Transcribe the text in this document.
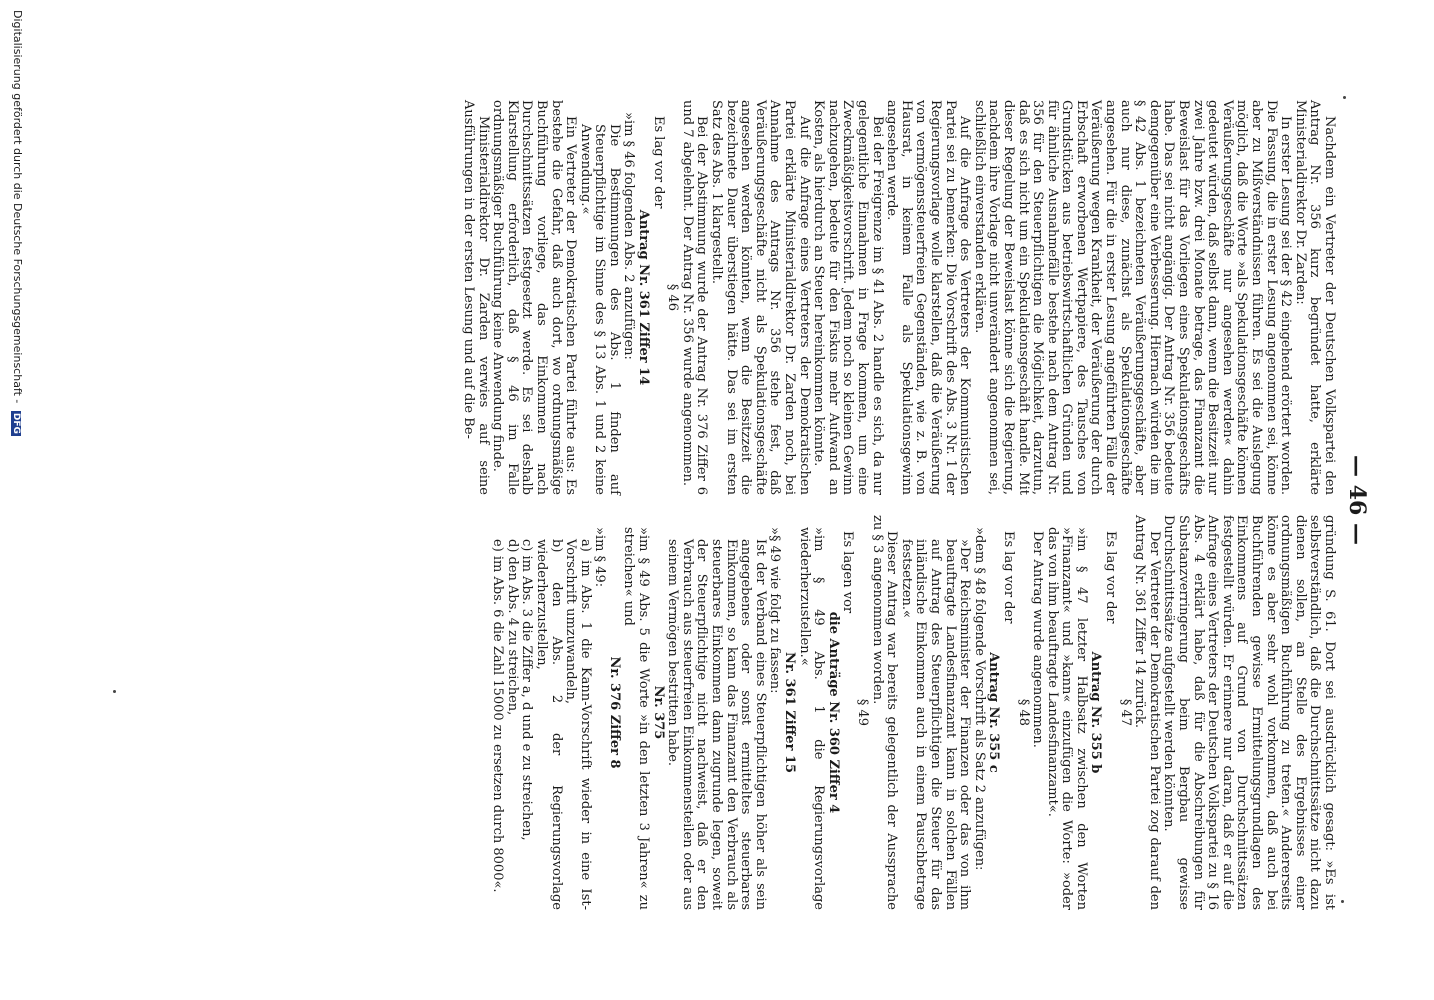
— 46 —

Nachdem ein Vertreter der Deutschen Volkspartei den Antrag Nr. 356 kurz begründet hatte, erklärte Ministerialdirektor Dr. Zarden:

In erster Lesung sei der § 42 eingehend erörtert worden. Die Fassung, die in erster Lesung angenommen sei, könne aber zu Mißverständnissen führen. Es sei die Auslegung möglich, daß die Worte »als Spekulationsgeschäfte können Veräußerungsgeschäfte nur angesehen werden« dahin gedeutet würden, daß selbst dann, wenn die Besitzzeit nur zwei Jahre bzw. drei Monate betrage, das Finanzamt die Beweislast für das Vorliegen eines Spekulationsgeschäfts habe. Das sei nicht angängig. Der Antrag Nr. 356 bedeute demgegenüber eine Verbesserung. Hiernach würden die im § 42 Abs. 1 bezeichneten Veräußerungsgeschäfte, aber auch nur diese, zunächst als Spekulationsgeschäfte angesehen. Für die in erster Lesung angeführten Fälle der Veräußerung wegen Krankheit, der Veräußerung der durch Erbschaft erworbenen Wertpapiere, des Tausches von Grundstücken aus betriebswirtschaftlichen Gründen und für ähnliche Ausnahmefälle bestehe nach dem Antrag Nr. 356 für den Steuerpflichtigen die Möglichkeit, darzutun, daß es sich nicht um ein Spekulationsgeschäft handle. Mit dieser Regelung der Beweislast könne sich die Regierung, nachdem ihre Vorlage nicht unverändert angenommen sei, schließlich einverstanden erklären.

Auf die Anfrage des Vertreters der Kommunistischen Partei sei zu bemerken: Die Vorschrift des Abs. 3 Nr. 1 der Regierungsvorlage wolle klarstellen, daß die Veräußerung von vermögenssteuerfreien Gegenständen, wie z. B. von Hausrat, in keinem Falle als Spekulationsgewinn angesehen werde.

Bei der Freigrenze im § 41 Abs. 2 handle es sich, da nur gelegentliche Einnahmen in Frage kommen, um eine Zweckmäßigkeitsvorschrift. Jedem noch so kleinen Gewinn nachzugehen, bedeute für den Fiskus mehr Aufwand an Kosten, als hierdurch an Steuer hereinkommen könnte.

Auf die Anfrage eines Vertreters der Demokratischen Partei erklärte Ministerialdirektor Dr. Zarden noch, bei Annahme des Antrags Nr. 356 stehe fest, daß Veräußerungsgeschäfte nicht als Spekulationsgeschäfte angesehen werden könnten, wenn die Besitzzeit die bezeichnete Dauer überstiegen hätte. Das sei im ersten Satz des Abs. 1 klargestellt.

Bei der Abstimmung wurde der Antrag Nr. 376 Ziffer 6 und 7 abgelehnt. Der Antrag Nr. 356 wurde angenommen.

§ 46

Es lag vor der

Antrag Nr. 361 Ziffer 14

»im § 46 folgenden Abs. 2 anzufügen:

Die Bestimmungen des Abs. 1 finden auf Steuerpflichtige im Sinne des § 13 Abs. 1 und 2 keine Anwendung.«

Ein Vertreter der Demokratischen Partei führte aus: Es bestehe die Gefahr, daß auch dort, wo ordnungsmäßige Buchführung vorliege, das Einkommen nach Durchschnittssätzen festgesetzt werde. Es sei deshalb Klarstellung erforderlich, daß § 46 im Falle ordnungsmäßiger Buchführung keine Anwendung finde.

Ministerialdirektor Dr. Zarden verwies auf seine Ausführungen in der ersten Lesung und auf die Be-

gründung S. 61. Dort sei ausdrücklich gesagt: »Es ist selbstverständlich, daß die Durchschnittssätze nicht dazu dienen sollen, an Stelle des Ergebnisses einer ordnungsmäßigen Buchführung zu treten.« Andererseits könne es aber sehr wohl vorkommen, daß auch bei Buchführenden gewisse Ermittelungsgrundlagen des Einkommens auf Grund von Durchschnittssätzen festgestellt würden. Er erinnere nur daran, daß er auf die Anfrage eines Vertreters der Deutschen Volkspartei zu § 16 Abs. 4 erklärt habe, daß für die Abschreibungen für Substanzverringerung beim Bergbau gewisse Durchschnittssätze aufgestellt werden könnten.

Der Vertreter der Demokratischen Partei zog darauf den Antrag Nr. 361 Ziffer 14 zurück.

§ 47

Es lag vor der

Antrag Nr. 355 b

»im § 47 letzter Halbsatz zwischen den Worten »Finanzamt« und »kann« einzufügen die Worte: »oder das von ihm beauftragte Landesfinanzamt«.

Der Antrag wurde angenommen.

§ 48

Es lag vor der

Antrag Nr. 355 c

»dem § 48 folgende Vorschrift als Satz 2 anzufügen:

»Der Reichsminister der Finanzen oder das von ihm beauftragte Landesfinanzamt kann in solchen Fällen auf Antrag des Steuerpflichtigen die Steuer für das inländische Einkommen auch in einem Pauschbetrage festsetzen.«

Dieser Antrag war bereits gelegentlich der Aussprache zu § 3 angenommen worden.

§ 49

Es lagen vor

die Anträge Nr. 360 Ziffer 4

»im § 49 Abs. 1 die Regierungsvorlage wiederherzustellen.«

Nr. 361 Ziffer 15

»§ 49 wie folgt zu fassen:

Ist der Verband eines Steuerpflichtigen höher als sein angegebenes oder sonst ermitteltes steuerbares Einkommen, so kann das Finanzamt den Verbrauch als steuerbares Einkommen dann zugrunde legen, soweit der Steuerpflichtige nicht nachweist, daß er den Verbrauch aus steuerfreien Einkommensteilen oder aus seinem Vermögen bestritten habe.

Nr. 375

»im § 49 Abs. 5 die Worte »in den letzten 3 Jahren« zu streichen« und

Nr. 376 Ziffer 8

»im § 49:

a) im Abs. 1 die Kann-Vorschrift wieder in eine Ist-Vorschrift umzuwandeln,

b) den Abs. 2 der Regierungsvorlage wiederherzustellen,

c) im Abs. 3 die Ziffer a, d und e zu streichen,

d) den Abs. 4 zu streichen,

e) im Abs. 6 die Zahl 15000 zu ersetzen durch 8000«.

Digitalisierung gefördert durch die Deutsche Forschungsgemeinschaft - DFG
